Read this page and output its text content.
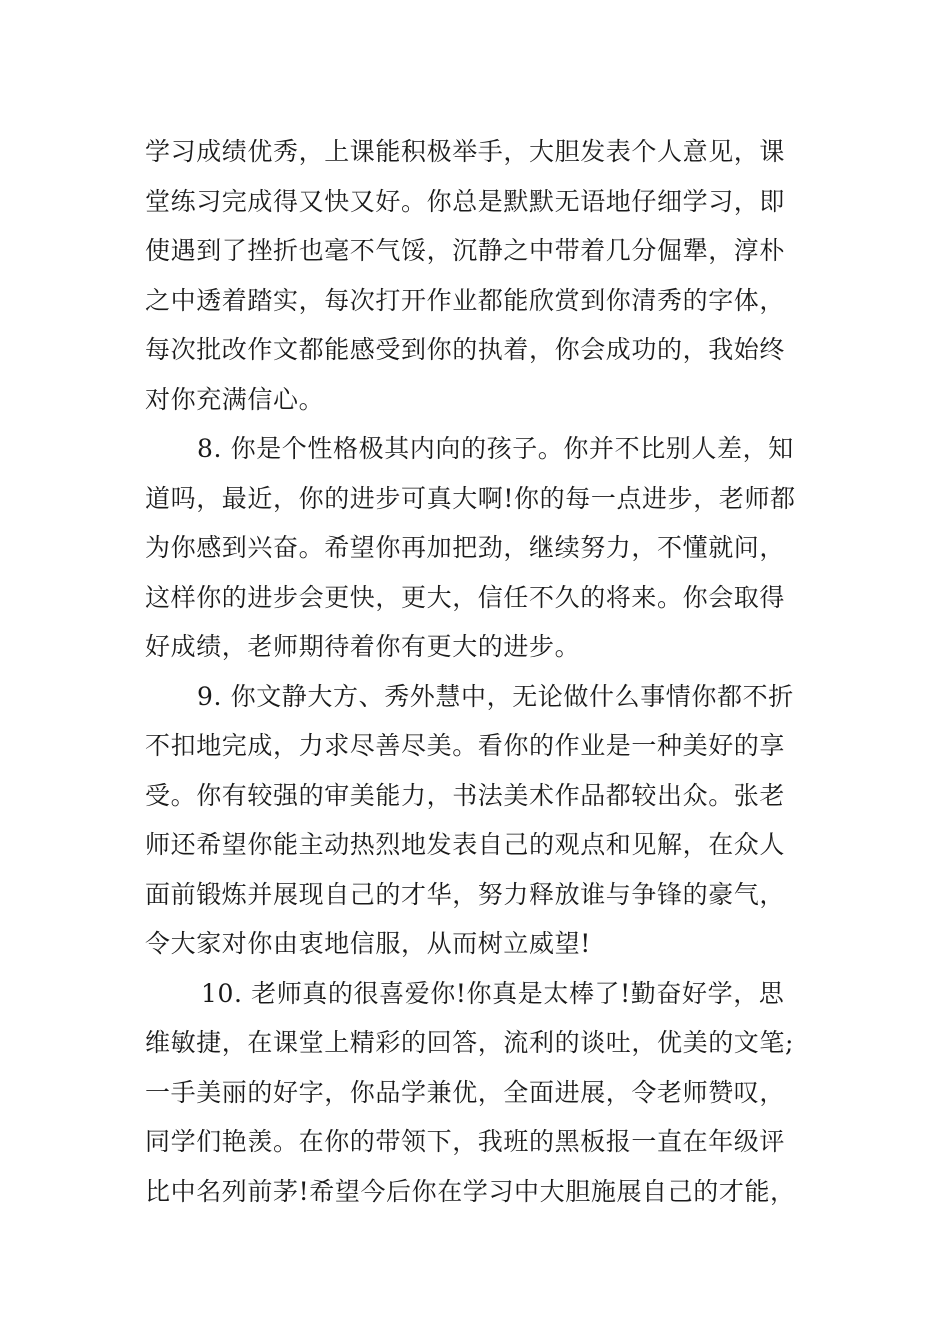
学习成绩优秀，上课能积极举手，大胆发表个人意见，课
堂练习完成得又快又好。你总是默默无语地仔细学习，即
使遇到了挫折也毫不气馁，沉静之中带着几分倔犟，淳朴
之中透着踏实，每次打开作业都能欣赏到你清秀的字体，
每次批改作文都能感受到你的执着，你会成功的，我始终
对你充满信心。
8. 你是个性格极其内向的孩子。你并不比别人差，知
道吗，最近，你的进步可真大啊!你的每一点进步，老师都
为你感到兴奋。希望你再加把劲，继续努力，不懂就问，
这样你的进步会更快，更大，信任不久的将来。你会取得
好成绩，老师期待着你有更大的进步。
9. 你文静大方、秀外慧中，无论做什么事情你都不折
不扣地完成，力求尽善尽美。看你的作业是一种美好的享
受。你有较强的审美能力，书法美术作品都较出众。张老
师还希望你能主动热烈地发表自己的观点和见解，在众人
面前锻炼并展现自己的才华，努力释放谁与争锋的豪气，
令大家对你由衷地信服，从而树立威望!
10. 老师真的很喜爱你!你真是太棒了!勤奋好学，思
维敏捷，在课堂上精彩的回答，流利的谈吐，优美的文笔;
一手美丽的好字，你品学兼优，全面进展，令老师赞叹，
同学们艳羡。在你的带领下，我班的黑板报一直在年级评
比中名列前茅!希望今后你在学习中大胆施展自己的才能，
